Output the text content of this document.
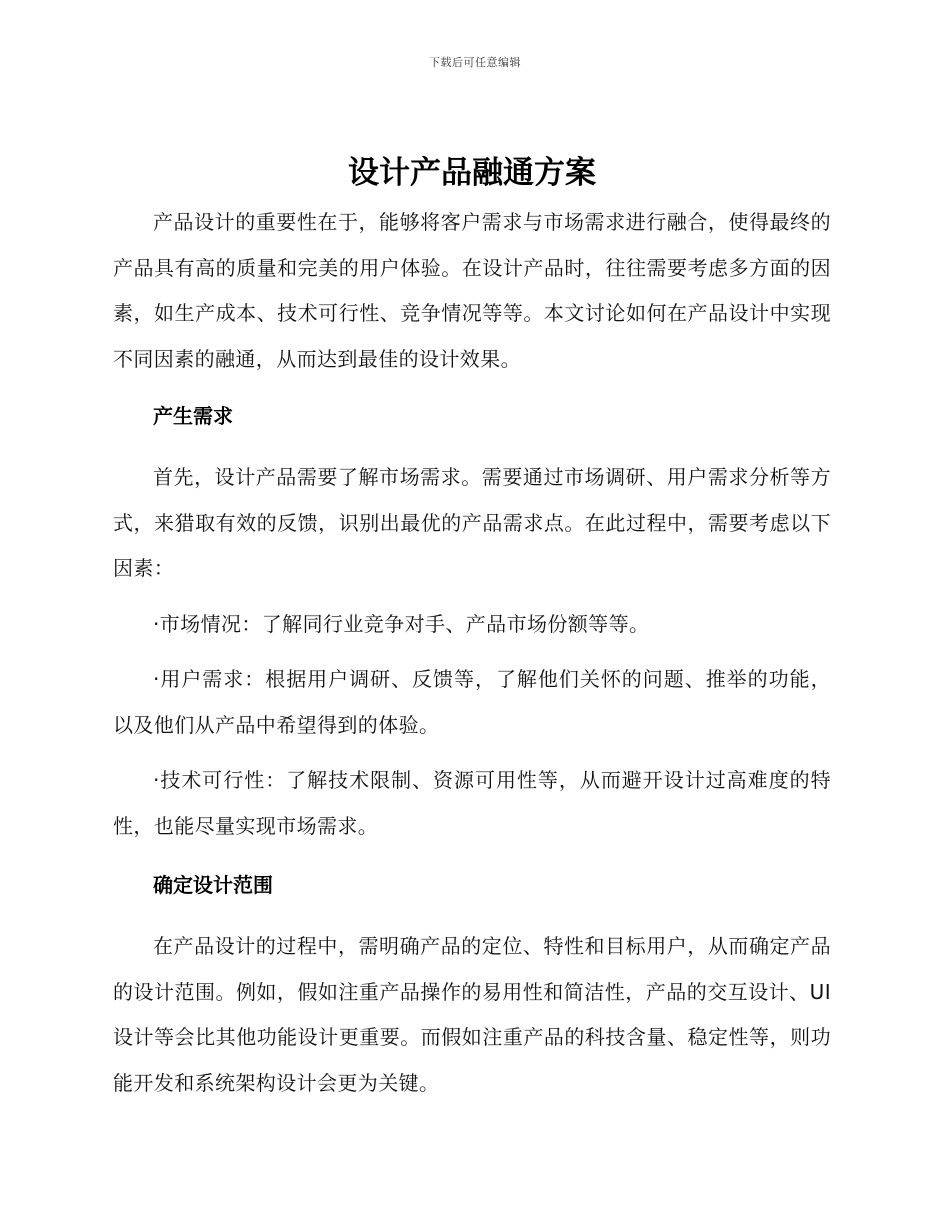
下载后可任意编辑
设计产品融通方案

产品设计的重要性在于，能够将客户需求与市场需求进行融合，使得最终的产品具有高的质量和完美的用户体验。在设计产品时，往往需要考虑多方面的因素，如生产成本、技术可行性、竞争情况等等。本文讨论如何在产品设计中实现不同因素的融通，从而达到最佳的设计效果。

产生需求

首先，设计产品需要了解市场需求。需要通过市场调研、用户需求分析等方式，来猎取有效的反馈，识别出最优的产品需求点。在此过程中，需要考虑以下因素：

·市场情况：了解同行业竞争对手、产品市场份额等等。

·用户需求：根据用户调研、反馈等，了解他们关怀的问题、推举的功能，以及他们从产品中希望得到的体验。

·技术可行性：了解技术限制、资源可用性等，从而避开设计过高难度的特性，也能尽量实现市场需求。

确定设计范围

在产品设计的过程中，需明确产品的定位、特性和目标用户，从而确定产品的设计范围。例如，假如注重产品操作的易用性和简洁性，产品的交互设计、UI 设计等会比其他功能设计更重要。而假如注重产品的科技含量、稳定性等，则功能开发和系统架构设计会更为关键。
